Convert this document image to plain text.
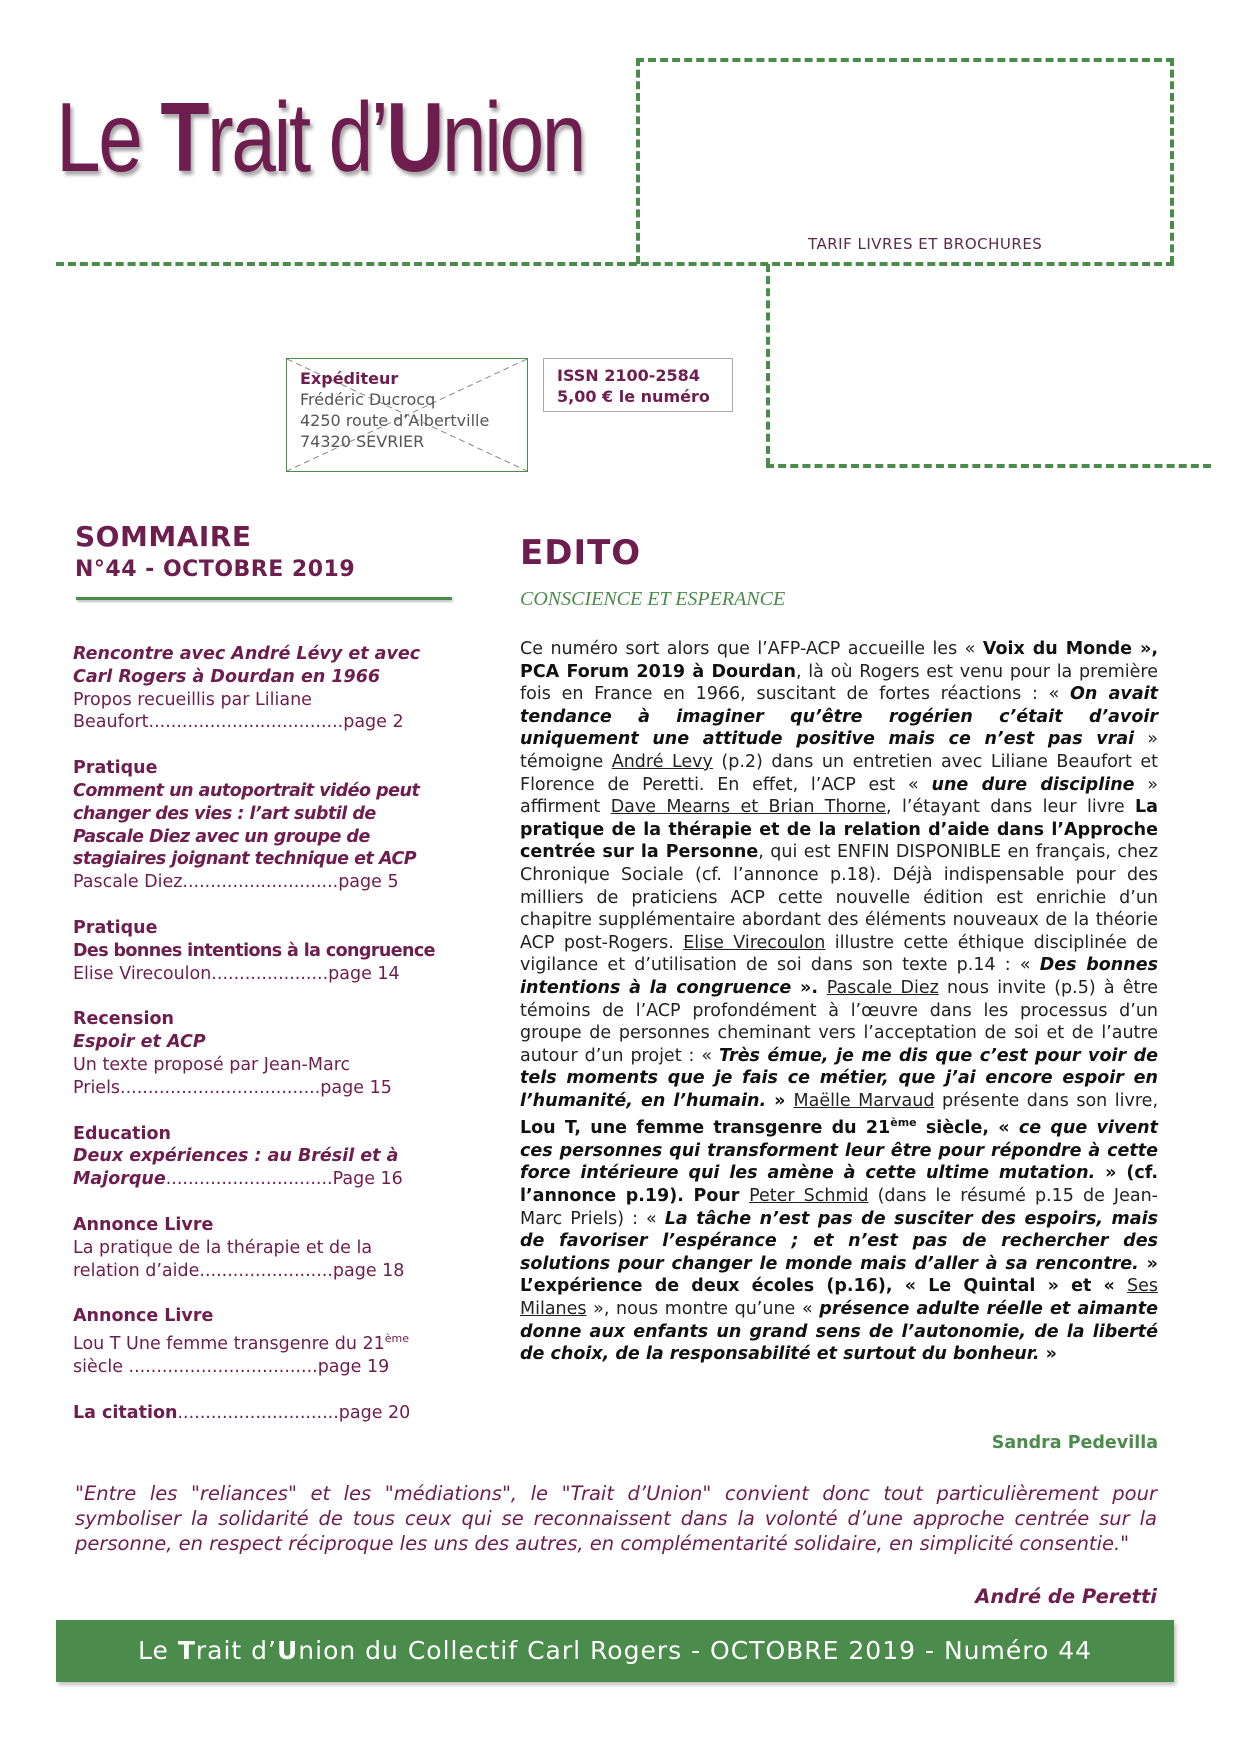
Le Trait d’Union
TARIF LIVRES ET BROCHURES
Expéditeur
Frédéric Ducrocq
4250 route d’Albertville
74320 SEVRIER
ISSN 2100-2584
5,00 € le numéro
SOMMAIRE
N°44 - OCTOBRE 2019
Rencontre avec André Lévy et avec
Carl Rogers à Dourdan en 1966
Propos recueillis par Liliane
Beaufort...................................page 2
Pratique
Comment un autoportrait vidéo peut
changer des vies : l’art subtil de
Pascale Diez avec un groupe de
stagiaires joignant technique et ACP
Pascale Diez............................page 5
Pratique
Des bonnes intentions à la congruence
Elise Virecoulon.....................page 14
Recension
Espoir et ACP
Un texte proposé par Jean-Marc
Priels....................................page 15
Education
Deux expériences : au Brésil et à
Majorque..............................Page 16
Annonce Livre
La pratique de la thérapie et de la
relation d’aide........................page 18
Annonce Livre
Lou T Une femme transgenre du 21ème
siècle ..................................page 19
La citation.............................page 20
EDITO
CONSCIENCE ET ESPERANCE
Ce numéro sort alors que l’AFP-ACP accueille les « Voix du Monde », PCA Forum 2019 à Dourdan, là où Rogers est venu pour la première fois en France en 1966, suscitant de fortes réactions : « On avait tendance à imaginer qu’être rogérien c’était d’avoir uniquement une attitude positive mais ce n’est pas vrai » témoigne André Levy (p.2) dans un entretien avec Liliane Beaufort et Florence de Peretti. En effet, l’ACP est « une dure discipline » affirment Dave Mearns et Brian Thorne, l’étayant dans leur livre La pratique de la thérapie et de la relation d’aide dans l’Approche centrée sur la Personne, qui est ENFIN DISPONIBLE en français, chez Chronique Sociale (cf. l’annonce p.18). Déjà indispensable pour des milliers de praticiens ACP cette nouvelle édition est enrichie d’un chapitre supplémentaire abordant des éléments nouveaux de la théorie ACP post-Rogers. Elise Virecoulon illustre cette éthique disciplinée de vigilance et d’utilisation de soi dans son texte p.14 : « Des bonnes intentions à la congruence ». Pascale Diez nous invite (p.5) à être témoins de l’ACP profondément à l’œuvre dans les processus d’un groupe de personnes cheminant vers l’acceptation de soi et de l’autre autour d’un projet : « Très émue, je me dis que c’est pour voir de tels moments que je fais ce métier, que j’ai encore espoir en l’humanité, en l’humain. » Maëlle Marvaud présente dans son livre, Lou T, une femme transgenre du 21ème siècle, « ce que vivent ces personnes qui transforment leur être pour répondre à cette force intérieure qui les amène à cette ultime mutation. » (cf. l’annonce p.19). Pour Peter Schmid (dans le résumé p.15 de Jean-Marc Priels) : « La tâche n’est pas de susciter des espoirs, mais de favoriser l’espérance ; et n’est pas de rechercher des solutions pour changer le monde mais d’aller à sa rencontre. » L’expérience de deux écoles (p.16), « Le Quintal » et « Ses Milanes », nous montre qu’une « présence adulte réelle et aimante donne aux enfants un grand sens de l’autonomie, de la liberté de choix, de la responsabilité et surtout du bonheur. »
Sandra Pedevilla
"Entre les "reliances" et les "médiations", le "Trait d’Union" convient donc tout particulièrement pour symboliser la solidarité de tous ceux qui se reconnaissent dans la volonté d’une approche centrée sur la personne, en respect réciproque les uns des autres, en complémentarité solidaire, en simplicité consentie."
André de Peretti
Le Trait d’Union du Collectif Carl Rogers - OCTOBRE 2019 - Numéro 44
